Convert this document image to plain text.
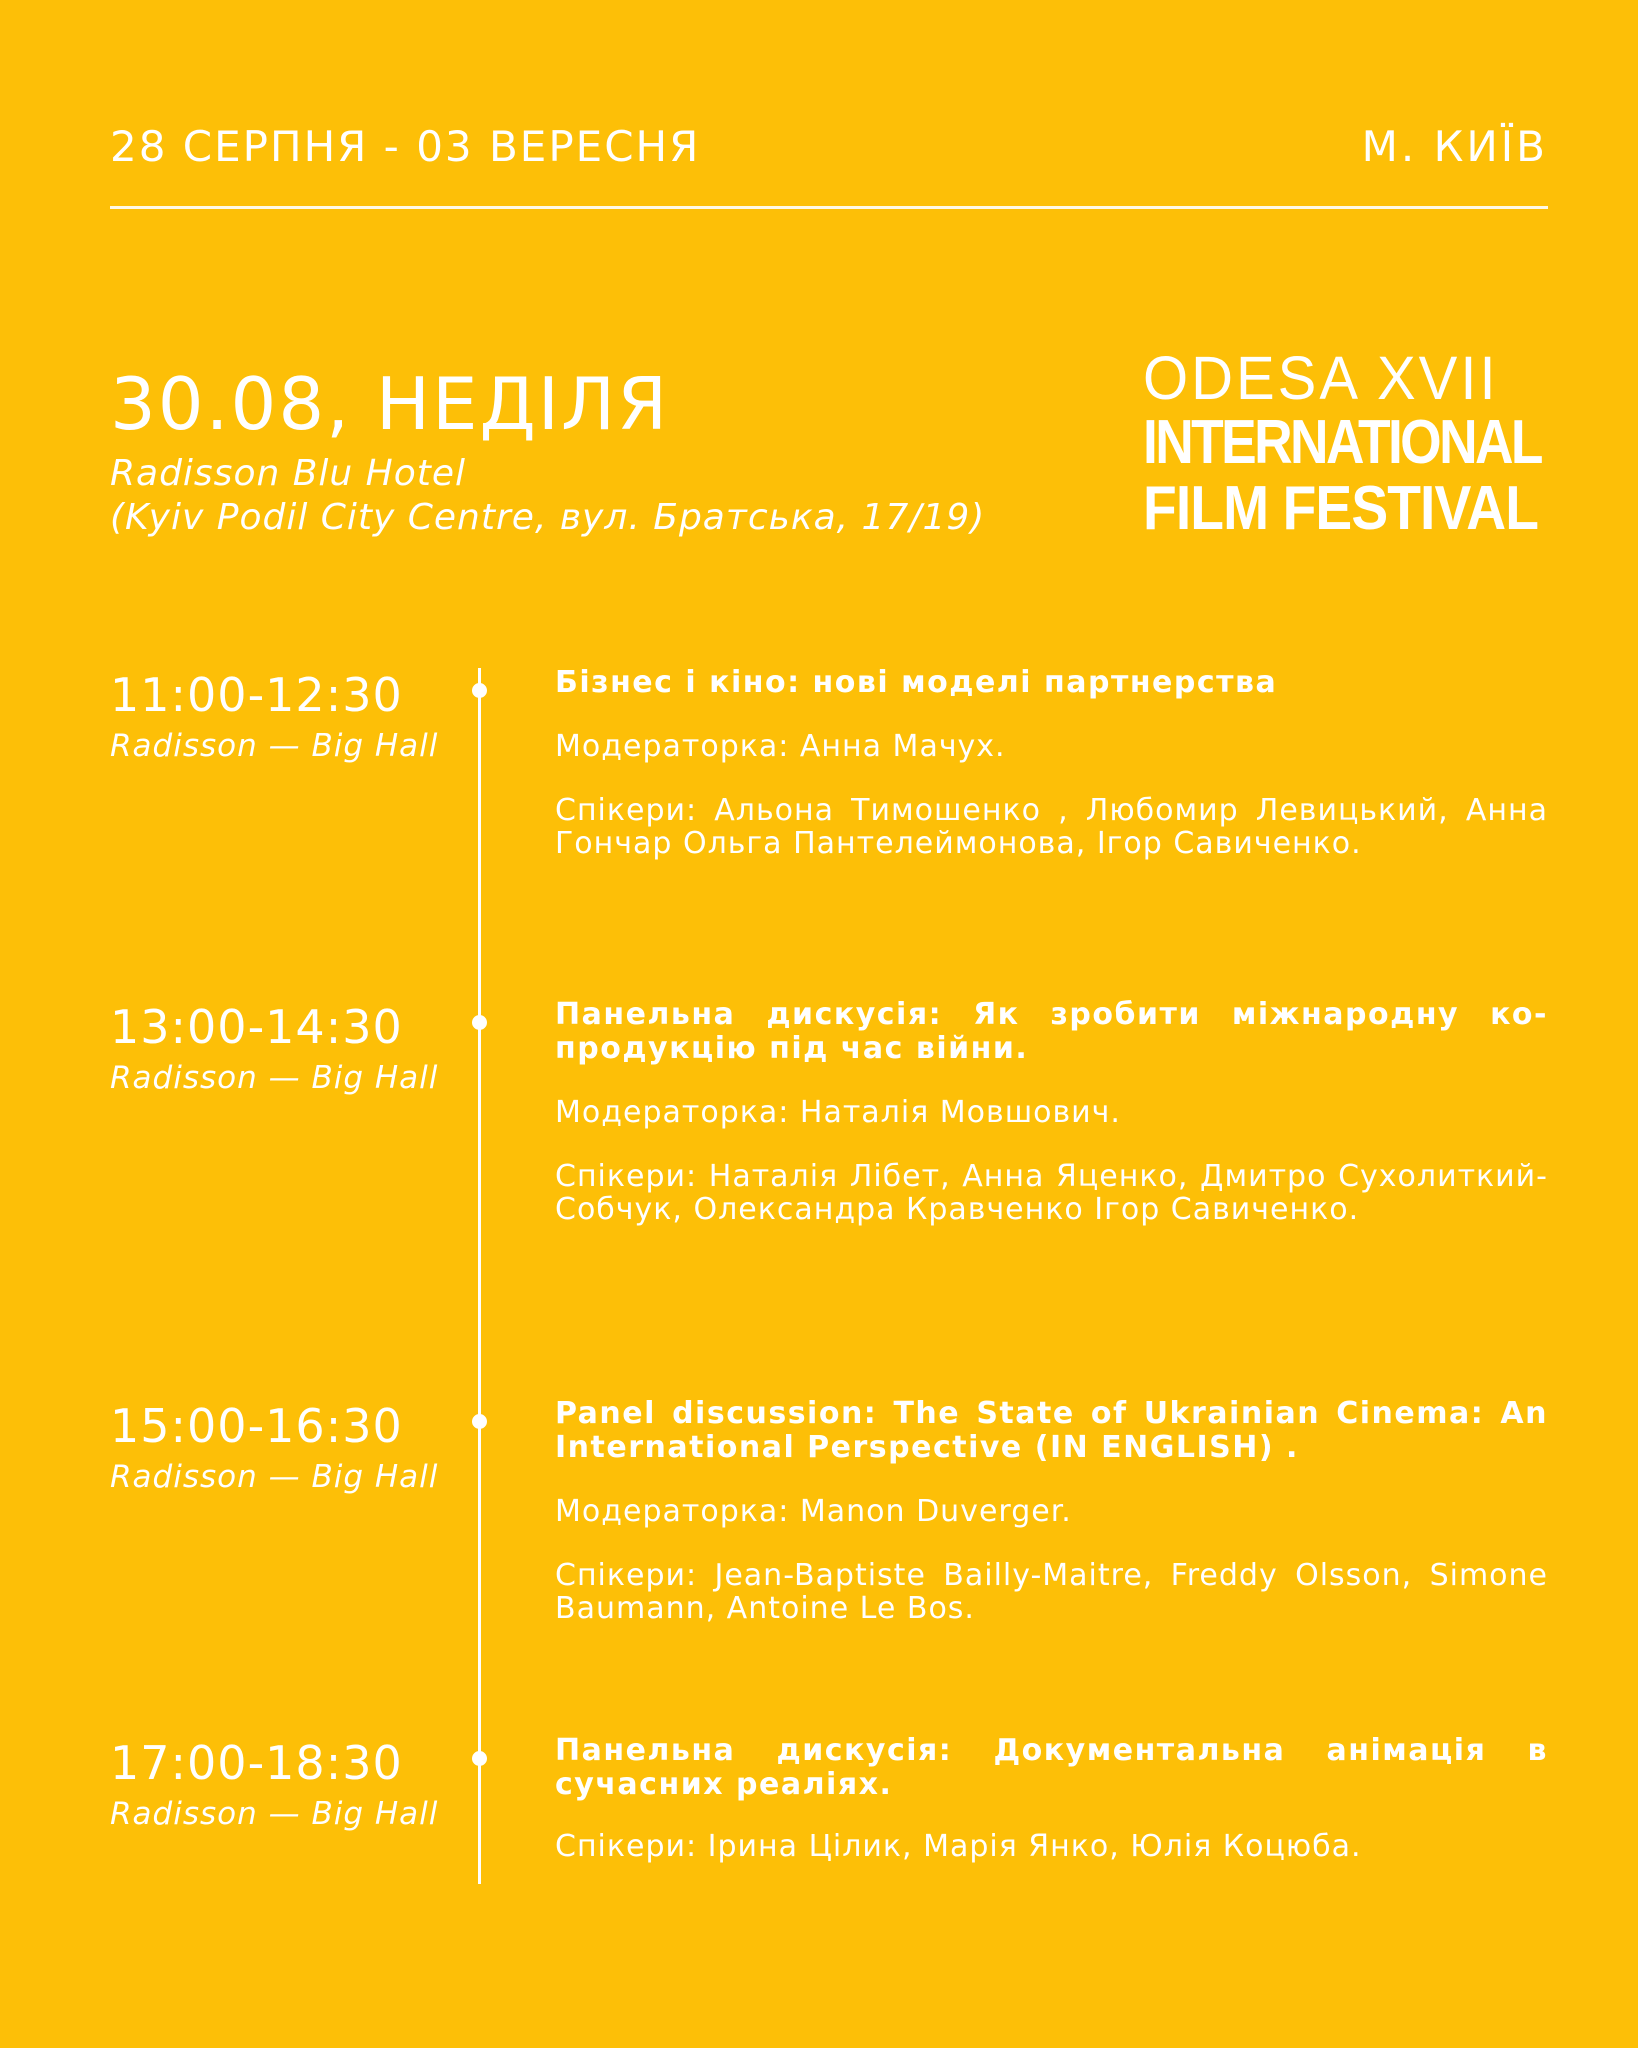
28 СЕРПНЯ - 03 ВЕРЕСНЯ	М. КИЇВ
30.08, НЕДІЛЯ
Radisson Blu Hotel
(Kyiv Podil City Centre, вул. Братська, 17/19)
ODESA XVII
INTERNATIONAL
FILM FESTIVAL
11:00-12:30
Radisson — Big Hall

Бізнес і кіно: нові моделі партнерства

Модераторка: Анна Мачух.

Спікери: Альона Тимошенко , Любомир Левицький, Анна Гончар Ольга Пантелеймонова, Ігор Савиченко.

13:00-14:30
Radisson — Big Hall

Панельна дискусія: Як зробити міжнародну ко-продукцію під час війни.

Модераторка: Наталія Мовшович.

Спікери: Наталія Лібет, Анна Яценко, Дмитро Сухолиткий-Собчук, Олександра Кравченко Ігор Савиченко.

15:00-16:30
Radisson — Big Hall

Panel discussion: The State of Ukrainian Cinema: An International Perspective (IN ENGLISH) .

Модераторка: Manon Duverger.

Спікери: Jean-Baptiste Bailly-Maitre, Freddy Olsson, Simone Baumann, Antoine Le Bos.

17:00-18:30
Radisson — Big Hall

Панельна дискусія: Документальна анімація в сучасних реаліях.

Спікери: Ірина Цілик, Марія Янко, Юлія Коцюба.
